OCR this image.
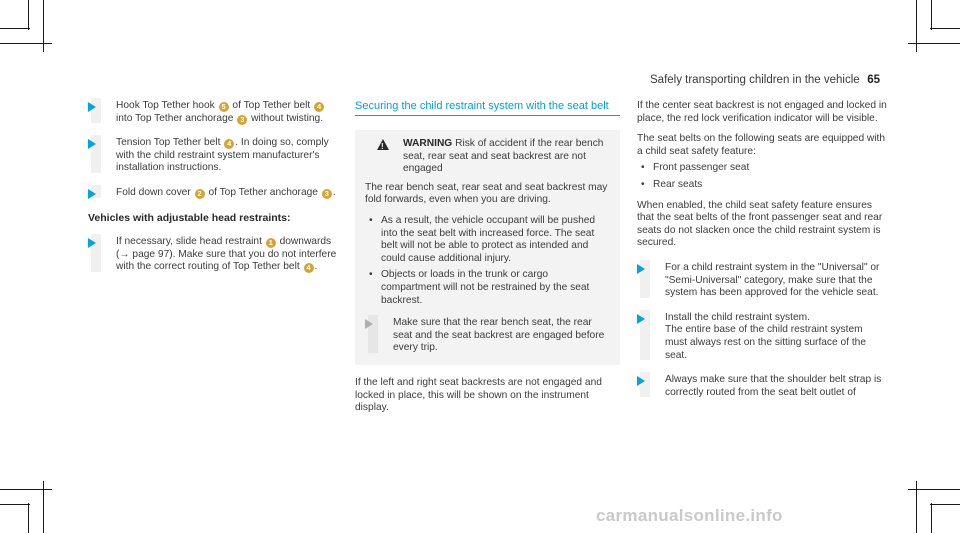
Safely transporting children in the vehicle 65
Hook Top Tether hook 5 of Top Tether belt 4 into Top Tether anchorage 3 without twisting.
Tension Top Tether belt 4 . In doing so, comply with the child restraint system manufacturer's installation instructions.
Fold down cover 2 of Top Tether anchorage 3 .
Vehicles with adjustable head restraints:
If necessary, slide head restraint 1 downwards (→ page 97). Make sure that you do not interfere with the correct routing of Top Tether belt 4 .
Securing the child restraint system with the seat belt
!
WARNING Risk of accident if the rear bench seat, rear seat and seat backrest are not engaged

The rear bench seat, rear seat and seat backrest may fold forwards, even when you are driving.

• As a result, the vehicle occupant will be pushed into the seat belt with increased force. The seat belt will not be able to protect as intended and could cause additional injury.
• Objects or loads in the trunk or cargo compartment will not be restrained by the seat backrest.
Make sure that the rear bench seat, the rear seat and the seat backrest are engaged before every trip.

If the left and right seat backrests are not engaged and locked in place, this will be shown on the instrument display.

If the center seat backrest is not engaged and locked in place, the red lock verification indicator will be visible.

The seat belts on the following seats are equipped with a child seat safety feature:

• Front passenger seat
• Rear seats

When enabled, the child seat safety feature ensures that the seat belts of the front passenger seat and rear seats do not slacken once the child restraint system is secured.

For a child restraint system in the "Universal" or "Semi-Universal" category, make sure that the system has been approved for the vehicle seat.
Install the child restraint system.
The entire base of the child restraint system must always rest on the sitting surface of the seat.
Always make sure that the shoulder belt strap is correctly routed from the seat belt outlet of
carmanualsonline.info
